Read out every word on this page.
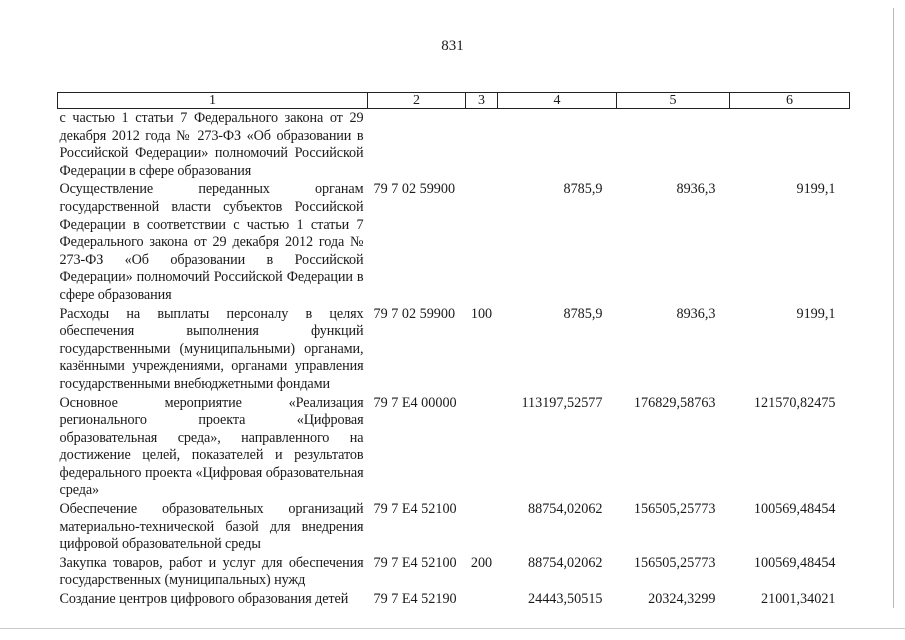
831
1	2	3	4	5	6
с частью 1 статьи 7 Федерального закона от 29 декабря 2012 года № 273-ФЗ «Об образовании в Российской Федерации» полномочий Российской Федерации в сфере образования					
Осуществление переданных органам государственной власти субъектов Российской Федерации в соответствии с частью 1 статьи 7 Федерального закона от 29 декабря 2012 года № 273-ФЗ «Об образовании в Российской Федерации» полномочий Российской Федерации в сфере образования	79 7 02 59900		8785,9	8936,3	9199,1
Расходы на выплаты персоналу в целях обеспечения выполнения функций государственными (муниципальными) органами, казёнными учреждениями, органами управления государственными внебюджетными фондами	79 7 02 59900	100	8785,9	8936,3	9199,1
Основное мероприятие «Реализация регионального проекта «Цифровая образовательная среда», направленного на достижение целей, показателей и результатов федерального проекта «Цифровая образовательная среда»	79 7 E4 00000		113197,52577	176829,58763	121570,82475
Обеспечение образовательных организаций материально-технической базой для внедрения цифровой образовательной среды	79 7 E4 52100		88754,02062	156505,25773	100569,48454
Закупка товаров, работ и услуг для обеспечения государственных (муниципальных) нужд	79 7 E4 52100	200	88754,02062	156505,25773	100569,48454
Создание центров цифрового образования детей	79 7 E4 52190		24443,50515	20324,3299	21001,34021
